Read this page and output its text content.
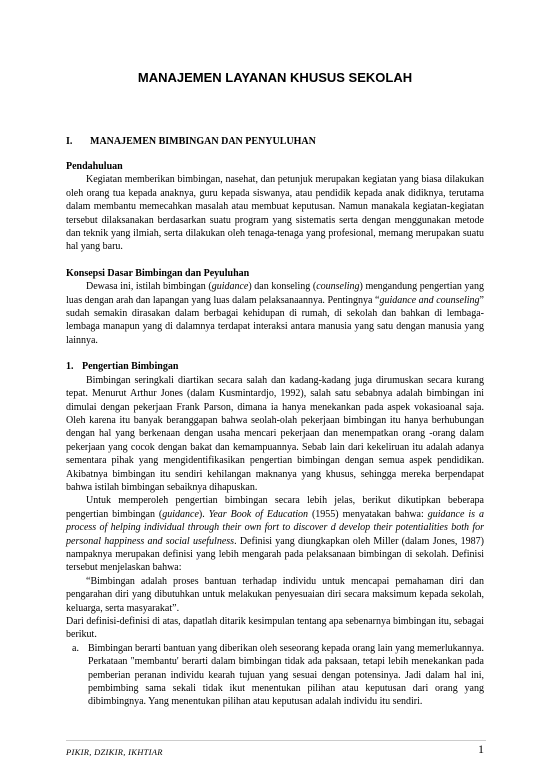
MANAJEMEN LAYANAN KHUSUS SEKOLAH
I. MANAJEMEN BIMBINGAN DAN PENYULUHAN

Pendahuluan

Kegiatan memberikan bimbingan, nasehat, dan petunjuk merupakan kegiatan yang biasa dilakukan oleh orang tua kepada anaknya, guru kepada siswanya, atau pendidik kepada anak didiknya, terutama dalam membantu memecahkan masalah atau membuat keputusan. Namun manakala kegiatan-kegiatan tersebut dilaksanakan berdasarkan suatu program yang sistematis serta dengan menggunakan metode dan teknik yang ilmiah, serta dilakukan oleh tenaga-tenaga yang profesional, memang merupakan suatu hal yang baru.

Konsepsi Dasar Bimbingan dan Peyuluhan

Dewasa ini, istilah bimbingan (guidance) dan konseling (counseling) mengandung pengertian yang luas dengan arah dan lapangan yang luas dalam pelaksanaannya. Pentingnya “guidance and counseling” sudah semakin dirasakan dalam berbagai kehidupan di rumah, di sekolah dan bahkan di lembaga-lembaga manapun yang di dalamnya terdapat interaksi antara manusia yang satu dengan manusia yang lainnya.

1. Pengertian Bimbingan

Bimbingan seringkali diartikan secara salah dan kadang-kadang juga dirumuskan secara kurang tepat. Menurut Arthur Jones (dalam Kusmintardjo, 1992), salah satu sebabnya adalah bimbingan ini dimulai dengan pekerjaan Frank Parson, dimana ia hanya menekankan pada aspek vokasioanal saja. Oleh karena itu banyak beranggapan bahwa seolah-olah pekerjaan bimbingan itu hanya berhubungan dengan hal yang berkenaan dengan usaha mencari pekerjaan dan menempatkan orang -orang dalam pekerjaan yang cocok dengan bakat dan kemampuannya. Sebab lain dari kekeliruan itu adalah adanya sementara pihak yang mengidentifikasikan pengertian bimbingan dengan semua aspek pendidikan. Akibatnya bimbingan itu sendiri kehilangan maknanya yang khusus, sehingga mereka berpendapat bahwa istilah bimbingan sebaiknya dihapuskan.

Untuk memperoleh pengertian bimbingan secara lebih jelas, berikut dikutipkan beberapa pengertian bimbingan (guidance). Year Book of Education (1955) menyatakan bahwa: guidance is a process of helping individual through their own fort to discover d develop their potentialities both for personal happiness and social usefulness. Definisi yang diungkapkan oleh Miller (dalam Jones, 1987) nampaknya merupakan definisi yang lebih mengarah pada pelaksanaan bimbingan di sekolah. Definisi tersebut menjelaskan bahwa:

“Bimbingan adalah proses bantuan terhadap individu untuk mencapai pemahaman diri dan pengarahan diri yang dibutuhkan untuk melakukan penyesuaian diri secara maksimum kepada sekolah, keluarga, serta masyarakat”.

Dari definisi-definisi di atas, dapatlah ditarik kesimpulan tentang apa sebenarnya bimbingan itu, sebagai berikut.

a. Bimbingan berarti bantuan yang diberikan oleh seseorang kepada orang lain yang memerlukannya. Perkataan "membantu' berarti dalam bimbingan tidak ada paksaan, tetapi lebih menekankan pada pemberian peranan individu kearah tujuan yang sesuai dengan potensinya. Jadi dalam hal ini, pembimbing sama sekali tidak ikut menentukan pilihan atau keputusan dari orang yang dibimbingnya. Yang menentukan pilihan atau keputusan adalah individu itu sendiri.
PIKIR, DZIKIR, IKHTIAR	1
